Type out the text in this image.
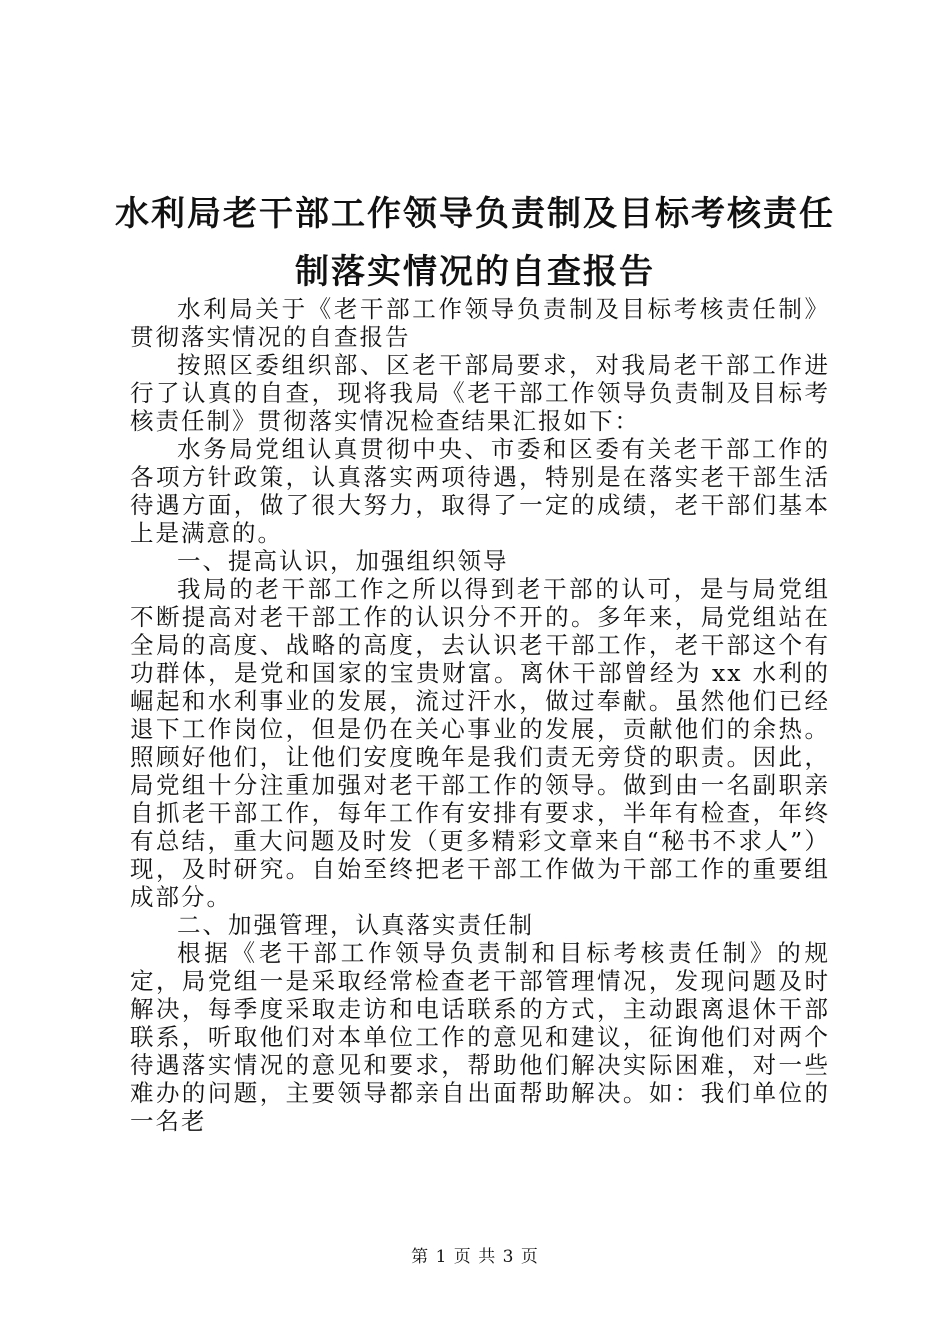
水利局老干部工作领导负责制及目标考核责任
制落实情况的自查报告

水利局关于《老干部工作领导负责制及目标考核责任制》贯彻落实情况的自查报告

按照区委组织部、区老干部局要求，对我局老干部工作进行了认真的自查，现将我局《老干部工作领导负责制及目标考核责任制》贯彻落实情况检查结果汇报如下：

水务局党组认真贯彻中央、市委和区委有关老干部工作的各项方针政策，认真落实两项待遇，特别是在落实老干部生活待遇方面，做了很大努力，取得了一定的成绩，老干部们基本上是满意的。

一、提高认识，加强组织领导

我局的老干部工作之所以得到老干部的认可，是与局党组不断提高对老干部工作的认识分不开的。多年来，局党组站在全局的高度、战略的高度，去认识老干部工作，老干部这个有功群体，是党和国家的宝贵财富。离休干部曾经为 xx 水利的崛起和水利事业的发展，流过汗水，做过奉献。虽然他们已经退下工作岗位，但是仍在关心事业的发展，贡献他们的余热。照顾好他们，让他们安度晚年是我们责无旁贷的职责。因此，局党组十分注重加强对老干部工作的领导。做到由一名副职亲自抓老干部工作，每年工作有安排有要求，半年有检查，年终有总结，重大问题及时发（更多精彩文章来自“秘书不求人”）现，及时研究。自始至终把老干部工作做为干部工作的重要组成部分。

二、加强管理，认真落实责任制

根据《老干部工作领导负责制和目标考核责任制》的规定，局党组一是采取经常检查老干部管理情况，发现问题及时解决，每季度采取走访和电话联系的方式，主动跟离退休干部联系，听取他们对本单位工作的意见和建议，征询他们对两个待遇落实情况的意见和要求，帮助他们解决实际困难，对一些难办的问题，主要领导都亲自出面帮助解决。如：我们单位的一名老

第 1 页 共 3 页
